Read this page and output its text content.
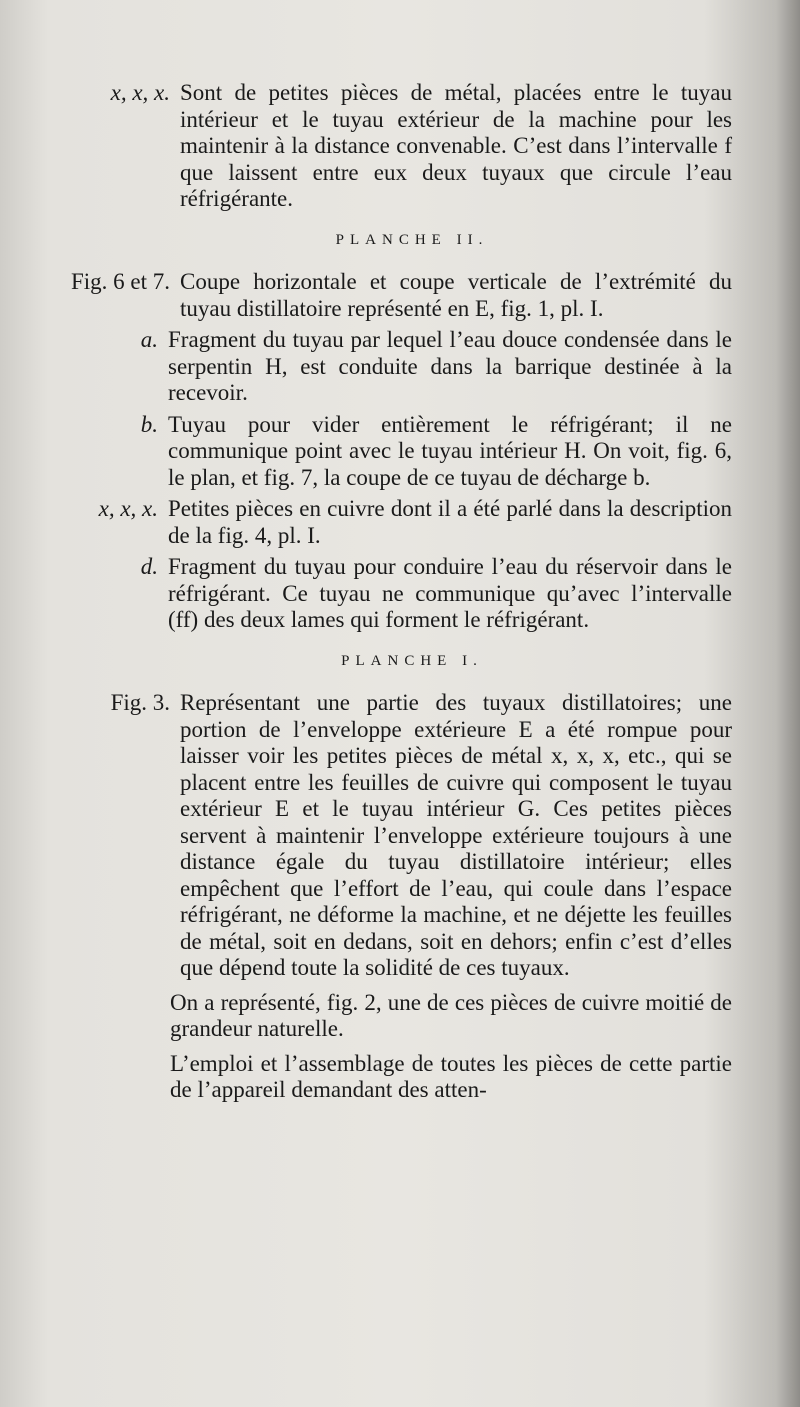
x, x, x. Sont de petites pièces de métal, placées entre le tuyau intérieur et le tuyau extérieur de la machine pour les maintenir à la distance convenable. C’est dans l’intervalle f que laissent entre eux deux tuyaux que circule l’eau réfrigérante.
PLANCHE II.
Fig. 6 et 7. Coupe horizontale et coupe verticale de l’extrémité du tuyau distillatoire représenté en E, fig. 1, pl. I.
a. Fragment du tuyau par lequel l’eau douce condensée dans le serpentin H, est conduite dans la barrique destinée à la recevoir.
b. Tuyau pour vider entièrement le réfrigérant; il ne communique point avec le tuyau intérieur H. On voit, fig. 6, le plan, et fig. 7, la coupe de ce tuyau de décharge b.
x, x, x. Petites pièces en cuivre dont il a été parlé dans la description de la fig. 4, pl. I.
d. Fragment du tuyau pour conduire l’eau du réservoir dans le réfrigérant. Ce tuyau ne communique qu’avec l’intervalle (ff) des deux lames qui forment le réfrigérant.
PLANCHE I.
Fig. 3. Représentant une partie des tuyaux distillatoires; une portion de l’enveloppe extérieure E a été rompue pour laisser voir les petites pièces de métal x, x, x, etc., qui se placent entre les feuilles de cuivre qui composent le tuyau extérieur E et le tuyau intérieur G. Ces petites pièces servent à maintenir l’enveloppe extérieure toujours à une distance égale du tuyau distillatoire intérieur; elles empêchent que l’effort de l’eau, qui coule dans l’espace réfrigérant, ne déforme la machine, et ne déjette les feuilles de métal, soit en dedans, soit en dehors; enfin c’est d’elles que dépend toute la solidité de ces tuyaux.
On a représenté, fig. 2, une de ces pièces de cuivre moitié de grandeur naturelle.
L’emploi et l’assemblage de toutes les pièces de cette partie de l’appareil demandant des atten-
